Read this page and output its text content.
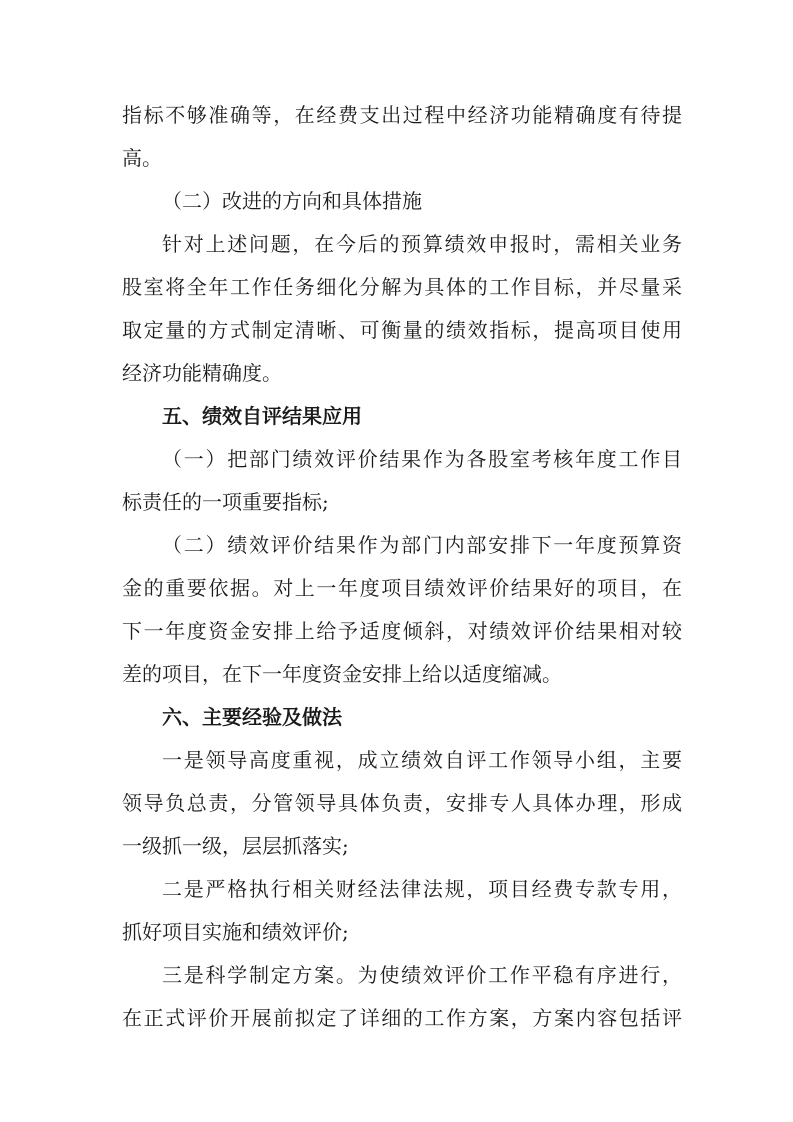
指标不够准确等，在经费支出过程中经济功能精确度有待提
高。
（二）改进的方向和具体措施
针对上述问题，在今后的预算绩效申报时，需相关业务
股室将全年工作任务细化分解为具体的工作目标，并尽量采
取定量的方式制定清晰、可衡量的绩效指标，提高项目使用
经济功能精确度。
五、绩效自评结果应用
（一）把部门绩效评价结果作为各股室考核年度工作目
标责任的一项重要指标;
（二）绩效评价结果作为部门内部安排下一年度预算资
金的重要依据。对上一年度项目绩效评价结果好的项目，在
下一年度资金安排上给予适度倾斜，对绩效评价结果相对较
差的项目，在下一年度资金安排上给以适度缩减。
六、主要经验及做法
一是领导高度重视，成立绩效自评工作领导小组，主要
领导负总责，分管领导具体负责，安排专人具体办理，形成
一级抓一级，层层抓落实;
二是严格执行相关财经法律法规，项目经费专款专用，
抓好项目实施和绩效评价;
三是科学制定方案。为使绩效评价工作平稳有序进行，
在正式评价开展前拟定了详细的工作方案，方案内容包括评
